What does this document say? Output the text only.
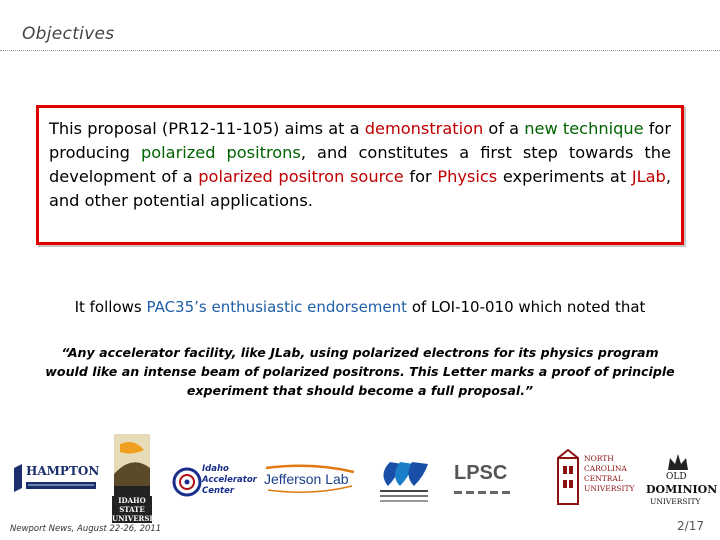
Objectives

This proposal (PR12-11-105) aims at a demonstration of a new technique for producing polarized positrons, and constitutes a first step towards the development of a polarized positron source for Physics experiments at JLab, and other potential applications.

It follows PAC35’s enthusiastic endorsement of LOI-10-010 which noted that
“Any accelerator facility, like JLab, using polarized electrons for its physics program would like an intense beam of polarized positrons. This Letter marks a proof of principle experiment that should become a full proposal.”
HAMPTON
IDAHO STATE UNIVERSITY
Idaho
Accelerator
Center
Jefferson Lab	LPSC
NORTH
CAROLINA
CENTRAL
UNIVERSITY
OLD
DOMINION
UNIVERSITY
Newport News, August 22-26, 2011	2/17
